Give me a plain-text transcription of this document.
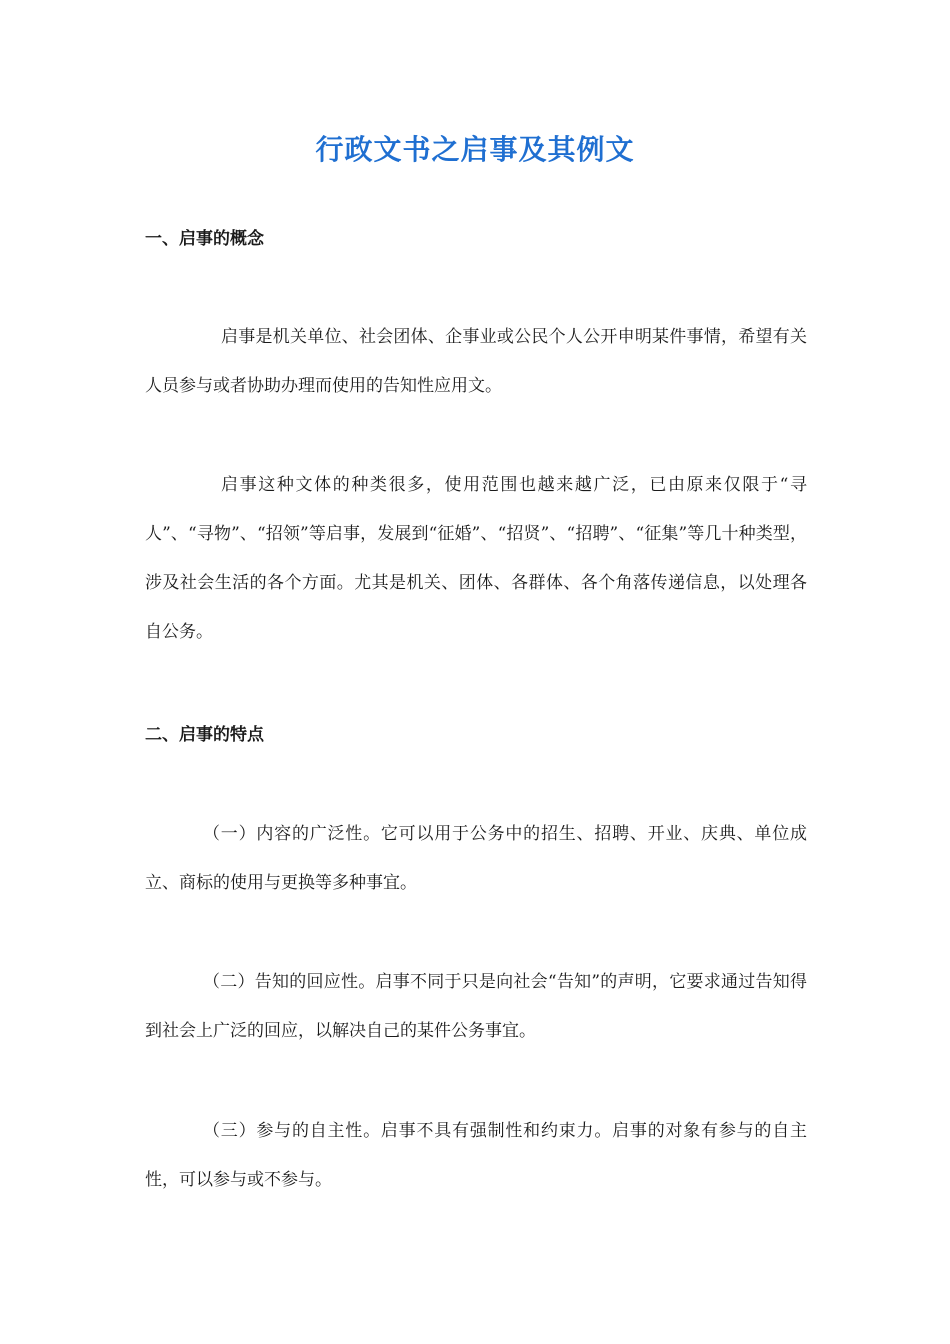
行政文书之启事及其例文
一、启事的概念

启事是机关单位、社会团体、企事业或公民个人公开申明某件事情，希望有关人员参与或者协助办理而使用的告知性应用文。

启事这种文体的种类很多，使用范围也越来越广泛，已由原来仅限于“寻人”、“寻物”、“招领”等启事，发展到“征婚”、“招贤”、“招聘”、“征集”等几十种类型，涉及社会生活的各个方面。尤其是机关、团体、各群体、各个角落传递信息，以处理各自公务。

二、启事的特点

（一）内容的广泛性。它可以用于公务中的招生、招聘、开业、庆典、单位成立、商标的使用与更换等多种事宜。

（二）告知的回应性。启事不同于只是向社会“告知”的声明，它要求通过告知得到社会上广泛的回应，以解决自己的某件公务事宜。

（三）参与的自主性。启事不具有强制性和约束力。启事的对象有参与的自主性，可以参与或不参与。
